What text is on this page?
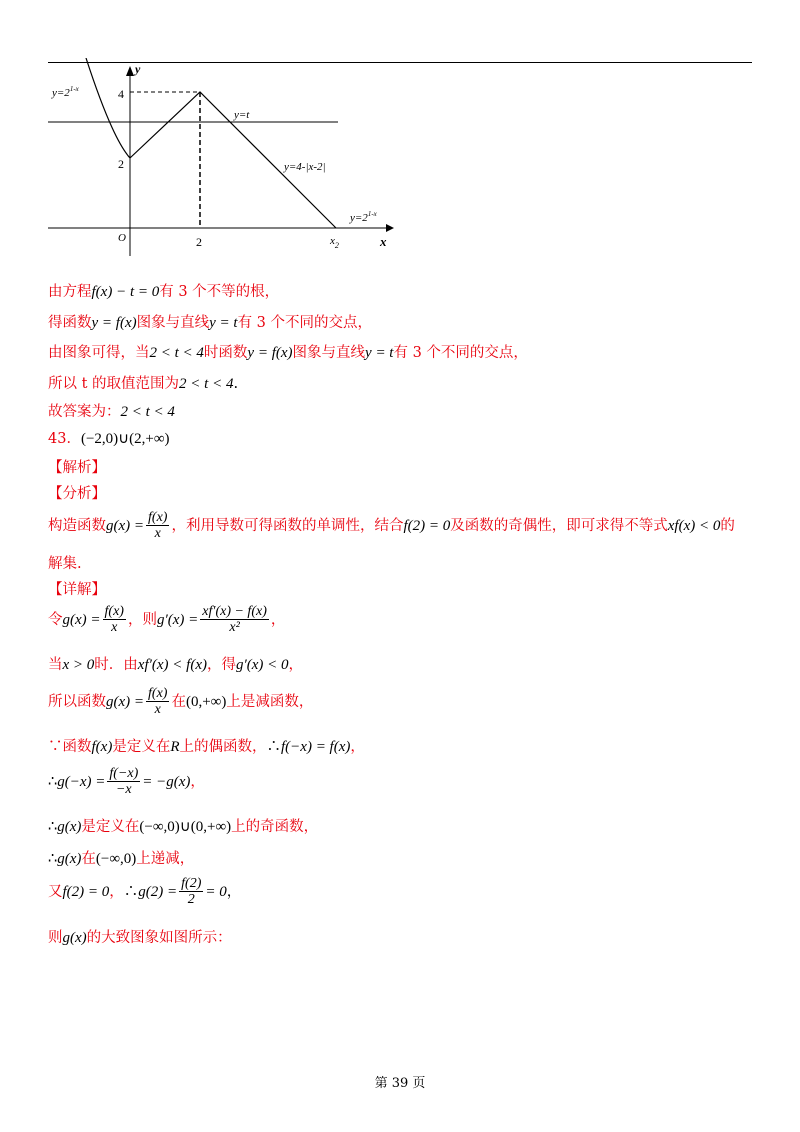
y
x
O
4
2
2	$x_2$
$y=2^{1-x}$
y=t
y=4-|x-2|
$y=2^{1-x}$
由方程f(x) − t = 0有 3 个不等的根，
得函数y = f(x)图象与直线y = t有 3 个不同的交点，
由图象可得，当2 < t < 4时函数y = f(x)图象与直线y = t有 3 个不同的交点，
所以 t 的取值范围为2 < t < 4.
故答案为：2 < t < 4
43．(−2,0)∪(2,+∞)
【解析】
【分析】
构造函数$g(x) = \frac{f(x)}{x}$ ，利用导数可得函数的单调性，结合f(2) = 0及函数的奇偶性，即可求得不等式xf(x) < 0的
解集.
【详解】
令$g(x) = \frac{f(x)}{x}$ ，则$g'(x) = \frac{xf'(x) - f(x)}{\text{x²}}$ ，
当x > 0时．由xf′(x) < f(x)，得g′(x) < 0，
所以函数$g(x) = \frac{f(x)}{x}$ 在(0,+∞)上是减函数，
∵函数f(x)是定义在R上的偶函数，∴f(−x) = f(x)，
∴g(−x) = $\frac{f(-x)}{-x} = -g(x)$，
∴g(x)是定义在(−∞,0)∪(0,+∞)上的奇函数，
∴g(x)在(−∞,0)上递减，
又f(2) = 0，∴g(2) = $\frac{f(2)}{2} = 0$，
则g(x)的大致图象如图所示：
第 39 页
